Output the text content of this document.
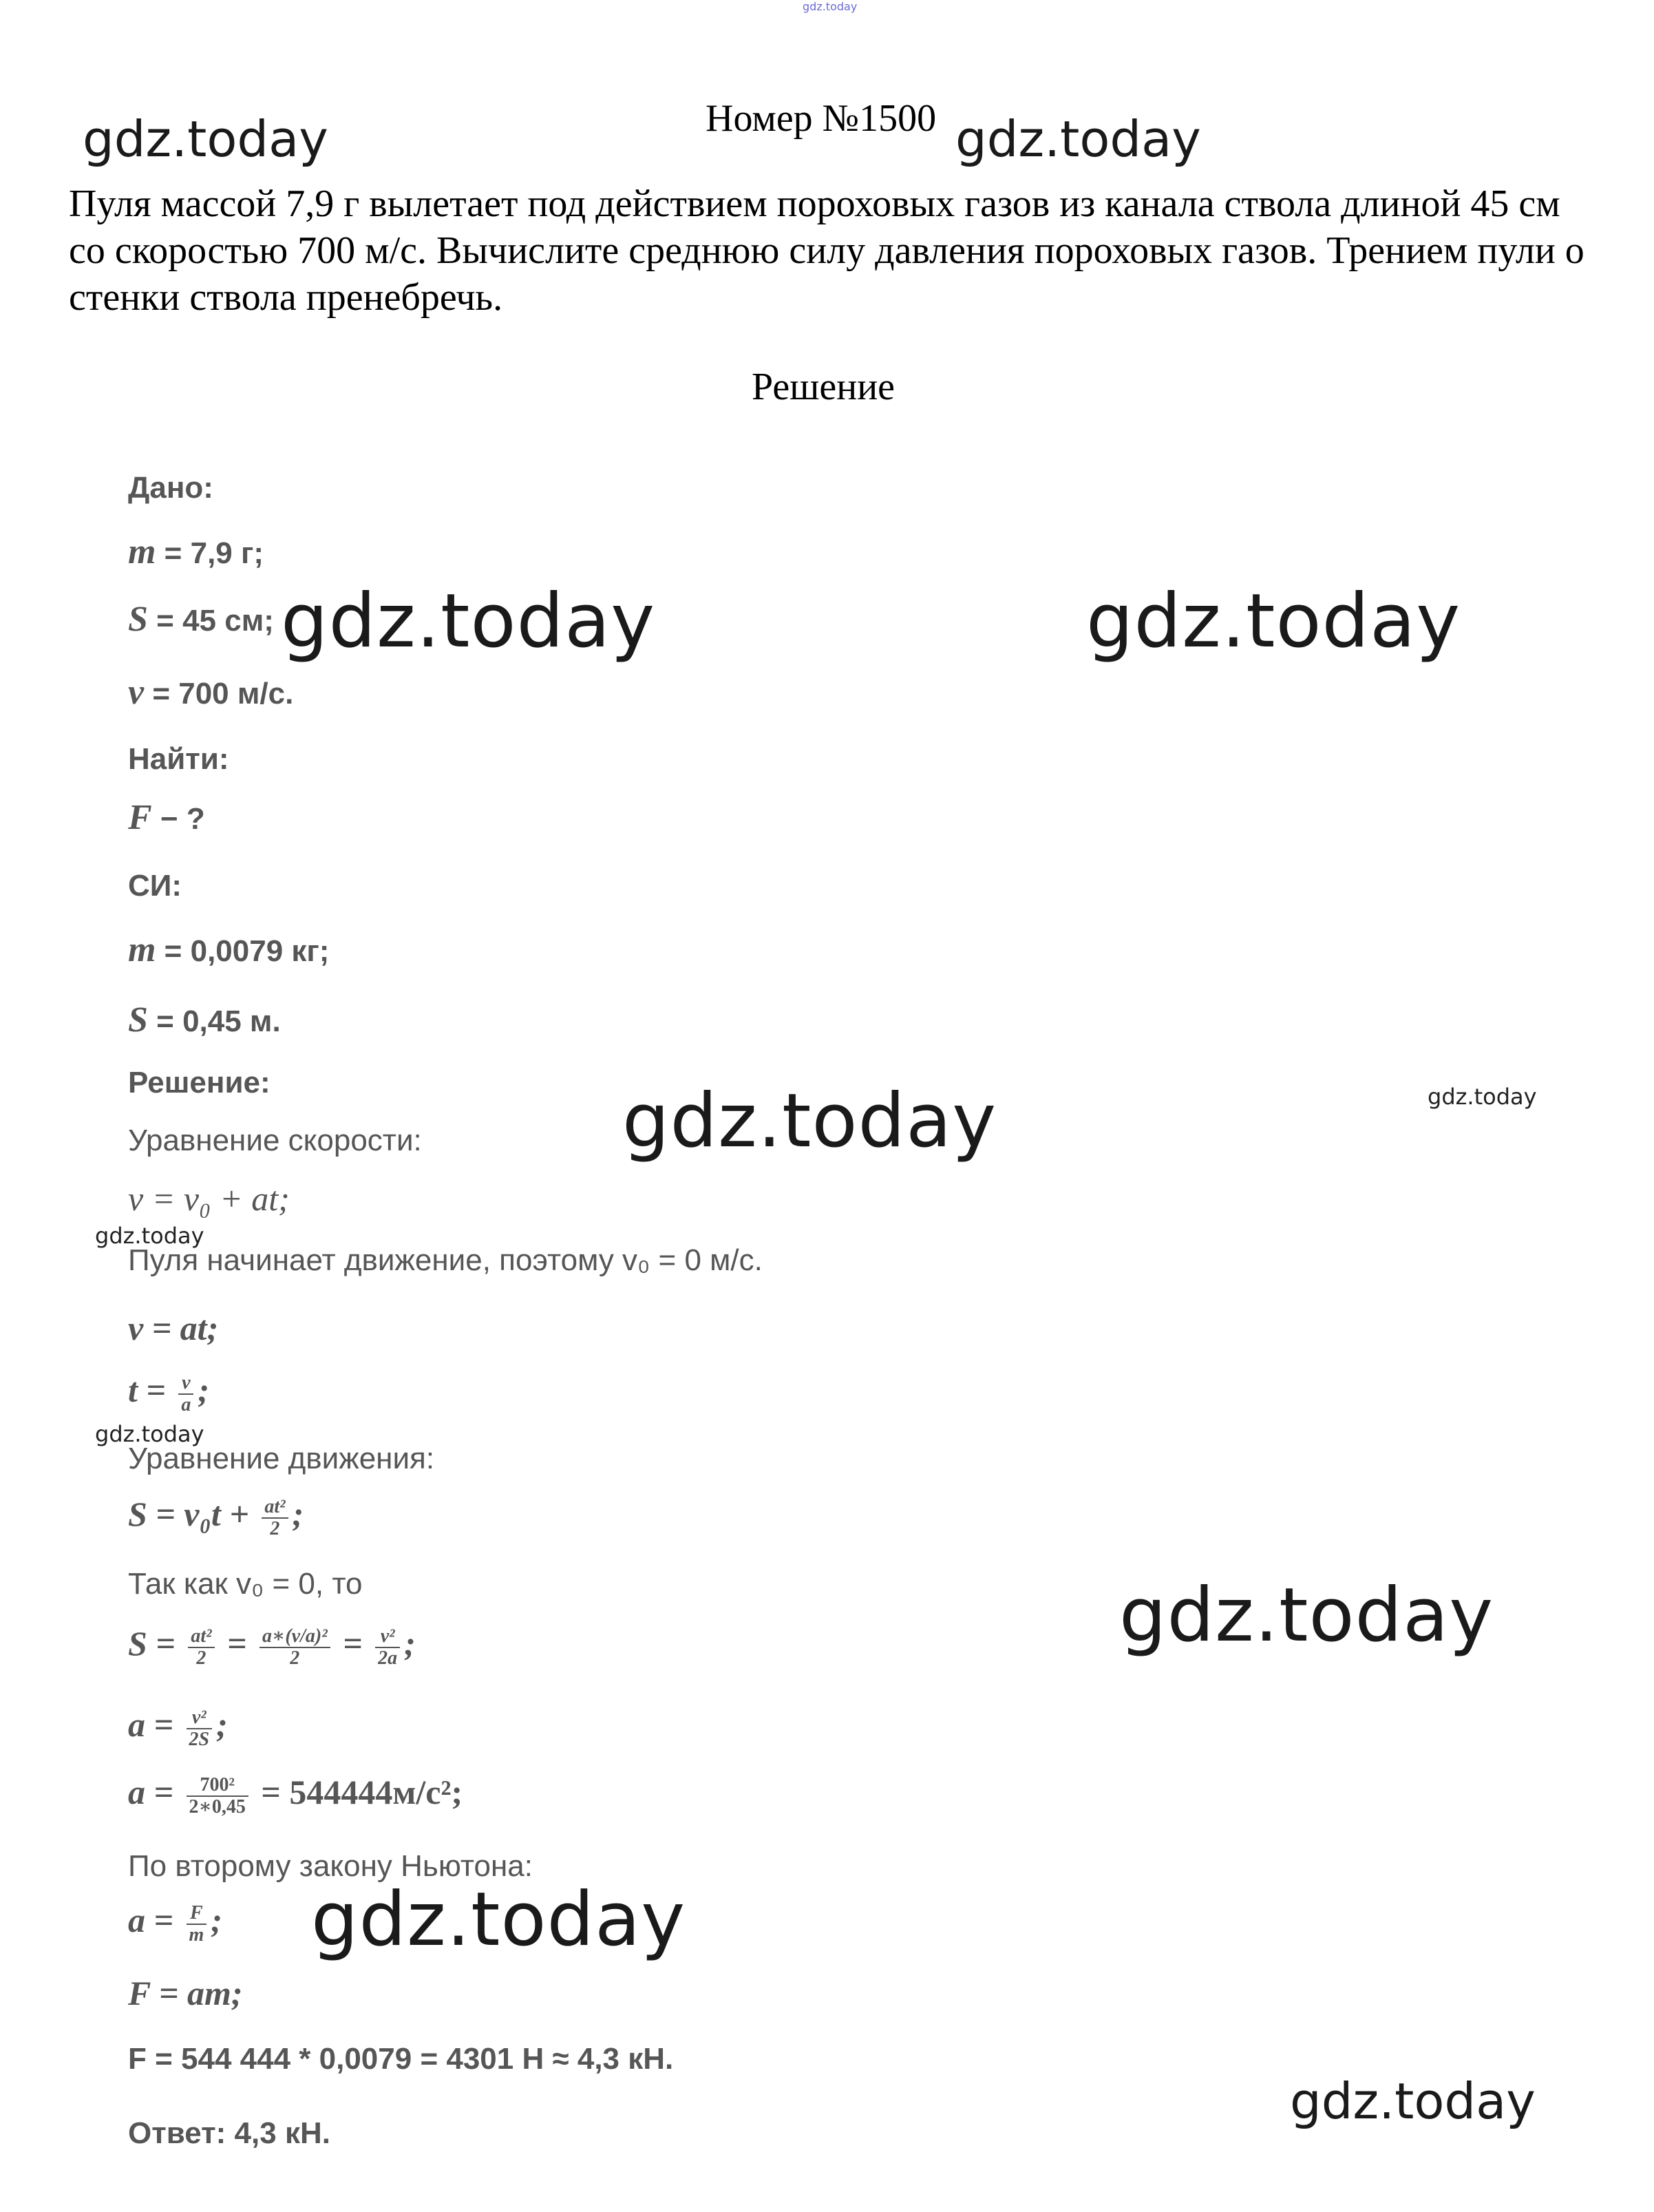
gdz.today
Номер №1500
Пуля массой 7,9 г вылетает под действием пороховых газов из канала ствола длиной 45 см со скоростью 700 м/с. Вычислите среднюю силу давления пороховых газов. Трением пули о стенки ствола пренебречь.
Решение
Дано:
m = 7,9 г;
S = 45 см;
v = 700 м/с.
Найти:
F − ?
СИ:
m = 0,0079 кг;
S = 0,45 м.
Решение:
Уравнение скорости:
v = v₀ + at;
Пуля начинает движение, поэтому v₀ = 0 м/с.
v = at;
$t = \frac{v}{a}$ ;
Уравнение движения:
$S = v_0t + \frac{\text{at²}}{2}$ ;
Так как v₀ = 0, то
$S = \frac{\text{at²}}{2} = \frac{\text{a∗(v/a)²}}{2} = \frac{\text{v²}}{2a}$ ;
$a = \frac{\text{v²}}{2S}$ ;
$a = \frac{\text{700²}}{2∗0,45} = 544444м/с^2$;
По второму закону Ньютона:
$a = \frac{F}{m}$ ;
F = am;
F = 544 444 * 0,0079 = 4301 Н ≈ 4,3 кН.
Ответ: 4,3 кН.
gdz.today	gdz.today
gdz.today	gdz.today
gdz.today	gdz.today
gdz.today
gdz.today
gdz.today
gdz.today
gdz.today
